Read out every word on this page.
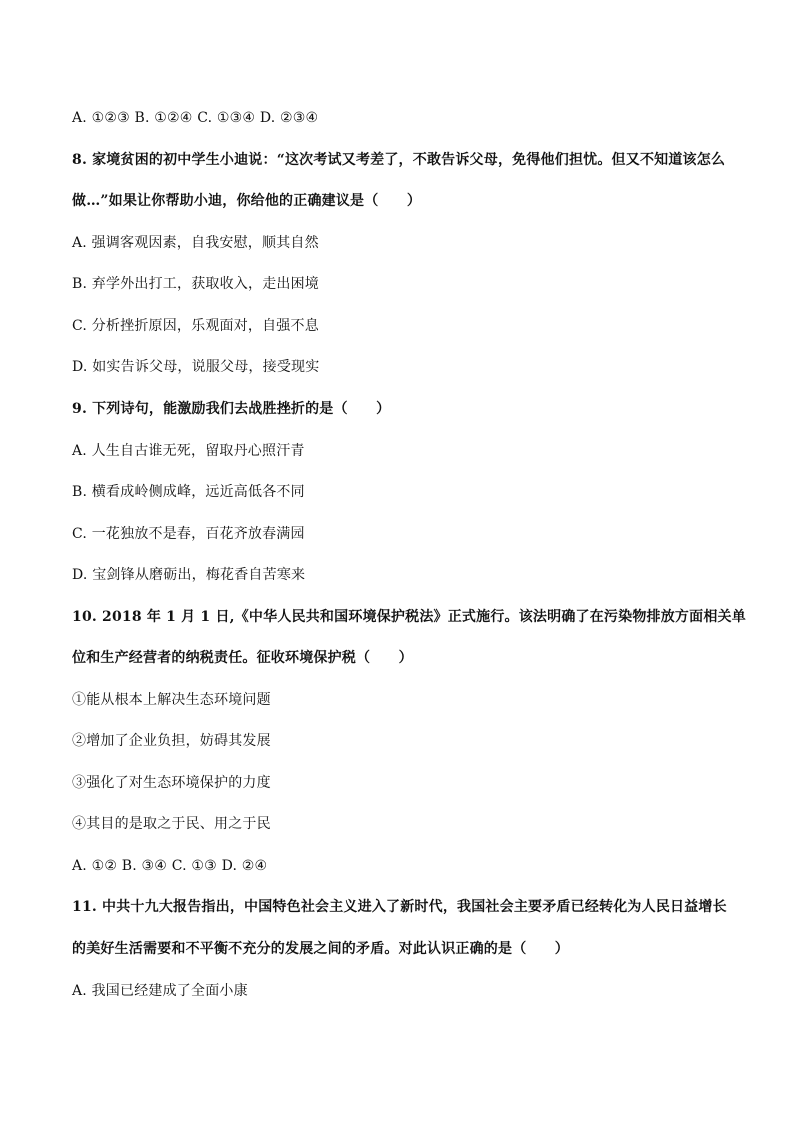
A. ①②③ B. ①②④ C. ①③④ D. ②③④
8. 家境贫困的初中学生小迪说：“这次考试又考差了，不敢告诉父母，免得他们担忧。但又不知道该怎么
做…”如果让你帮助小迪，你给他的正确建议是（　　）
A. 强调客观因素，自我安慰，顺其自然
B. 弃学外出打工，获取收入，走出困境
C. 分析挫折原因，乐观面对，自强不息
D. 如实告诉父母，说服父母，接受现实
9. 下列诗句，能激励我们去战胜挫折的是（　　）
A. 人生自古谁无死，留取丹心照汗青
B. 横看成岭侧成峰，远近高低各不同
C. 一花独放不是春，百花齐放春满园
D. 宝剑锋从磨砺出，梅花香自苦寒来
10. 2018 年 1 月 1 日,《中华人民共和国环境保护税法》正式施行。该法明确了在污染物排放方面相关单
位和生产经营者的纳税责任。征收环境保护税（　　）
①能从根本上解决生态环境问题
②增加了企业负担，妨碍其发展
③强化了对生态环境保护的力度
④其目的是取之于民、用之于民
A. ①② B. ③④ C. ①③ D. ②④
11. 中共十九大报告指出，中国特色社会主义进入了新时代，我国社会主要矛盾已经转化为人民日益增长
的美好生活需要和不平衡不充分的发展之间的矛盾。对此认识正确的是（　　）
A. 我国已经建成了全面小康
